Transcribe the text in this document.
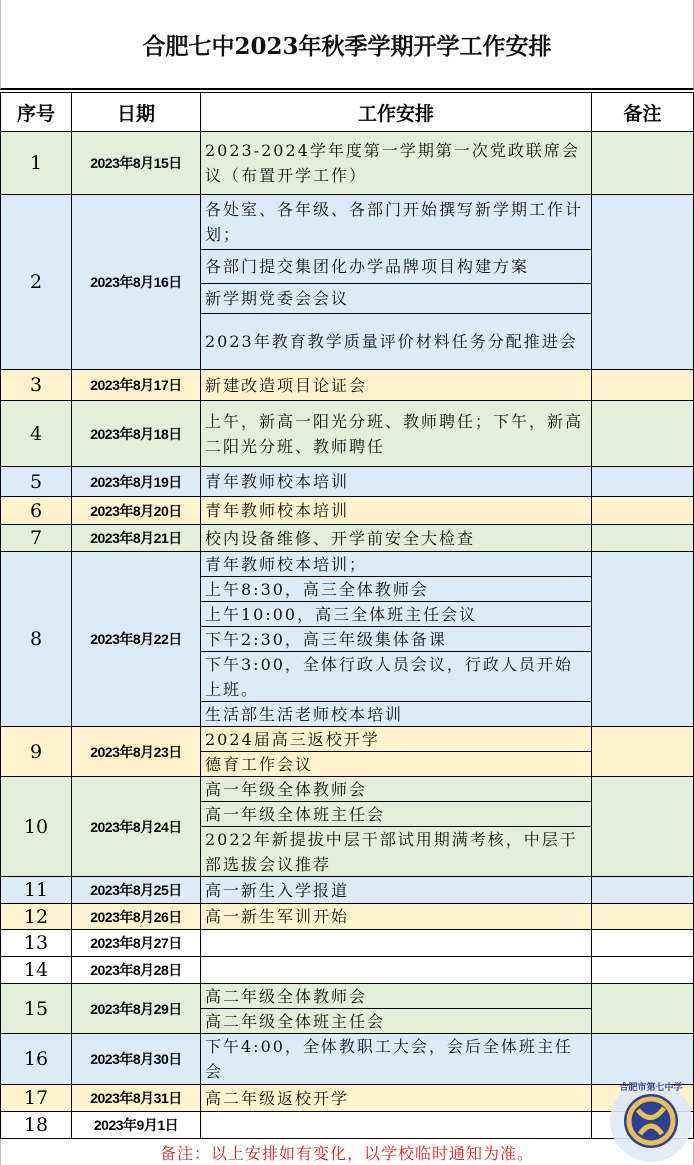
合肥七中2023年秋季学期开学工作安排
序号	日期	工作安排	备注
1	2023年8月15日
2023-2024学年度第一学期第一次党政联席会议（布置开学工作）
2	2023年8月16日
各处室、各年级、各部门开始撰写新学期工作计划；
各部门提交集团化办学品牌项目构建方案
新学期党委会会议
2023年教育教学质量评价材料任务分配推进会
3	2023年8月17日	新建改造项目论证会
4	2023年8月18日
上午，新高一阳光分班、教师聘任；下午，新高二阳光分班、教师聘任
5	2023年8月19日	青年教师校本培训
6	2023年8月20日	青年教师校本培训
7	2023年8月21日	校内设备维修、开学前安全大检查
8	2023年8月22日
青年教师校本培训；
上午8:30，高三全体教师会
上午10:00，高三全体班主任会议
下午2:30，高三年级集体备课
下午3:00，全体行政人员会议，行政人员开始上班。
生活部生活老师校本培训
9	2023年8月23日
2024届高三返校开学
德育工作会议
10	2023年8月24日
高一年级全体教师会
高一年级全体班主任会
2022年新提拔中层干部试用期满考核，中层干部选拔会议推荐
11	2023年8月25日	高一新生入学报道
12	2023年8月26日	高一新生军训开始
13	2023年8月27日
14	2023年8月28日
15	2023年8月29日
高二年级全体教师会
高二年级全体班主任会
16	2023年8月30日
下午4:00，全体教职工大会，会后全体班主任会
17	2023年8月31日	高二年级返校开学
18	2023年9月1日
备注：以上安排如有变化，以学校临时通知为准。
合肥市第七中学
